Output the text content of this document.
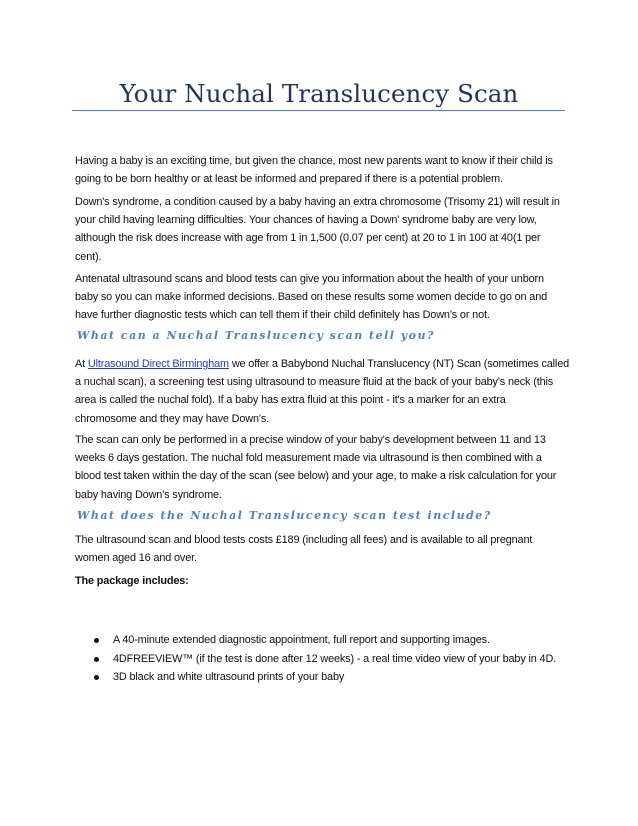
Your Nuchal Translucency Scan

Having a baby is an exciting time, but given the chance, most new parents want to know if their child is going to be born healthy or at least be informed and prepared if there is a potential problem.

Down's syndrome, a condition caused by a baby having an extra chromosome (Trisomy 21) will result in your child having learning difficulties. Your chances of having a Down' syndrome baby are very low, although the risk does increase with age from 1 in 1,500 (0.07 per cent) at 20 to 1 in 100 at 40(1 per cent).

Antenatal ultrasound scans and blood tests can give you information about the health of your unborn baby so you can make informed decisions. Based on these results some women decide to go on and have further diagnostic tests which can tell them if their child definitely has Down's or not.

What can a Nuchal Translucency scan tell you?

At Ultrasound Direct Birmingham we offer a Babybond Nuchal Translucency (NT) Scan (sometimes called a nuchal scan), a screening test using ultrasound to measure fluid at the back of your baby's neck (this area is called the nuchal fold). If a baby has extra fluid at this point - it's a marker for an extra chromosome and they may have Down's.

The scan can only be performed in a precise window of your baby's development between 11 and 13 weeks 6 days gestation. The nuchal fold measurement made via ultrasound is then combined with a blood test taken within the day of the scan (see below) and your age, to make a risk calculation for your baby having Down's syndrome.

What does the Nuchal Translucency scan test include?

The ultrasound scan and blood tests costs £189 (including all fees) and is available to all pregnant women aged 16 and over.

The package includes:

A 40-minute extended diagnostic appointment, full report and supporting images.
4DFREEVIEW™ (if the test is done after 12 weeks) - a real time video view of your baby in 4D.
3D black and white ultrasound prints of your baby
